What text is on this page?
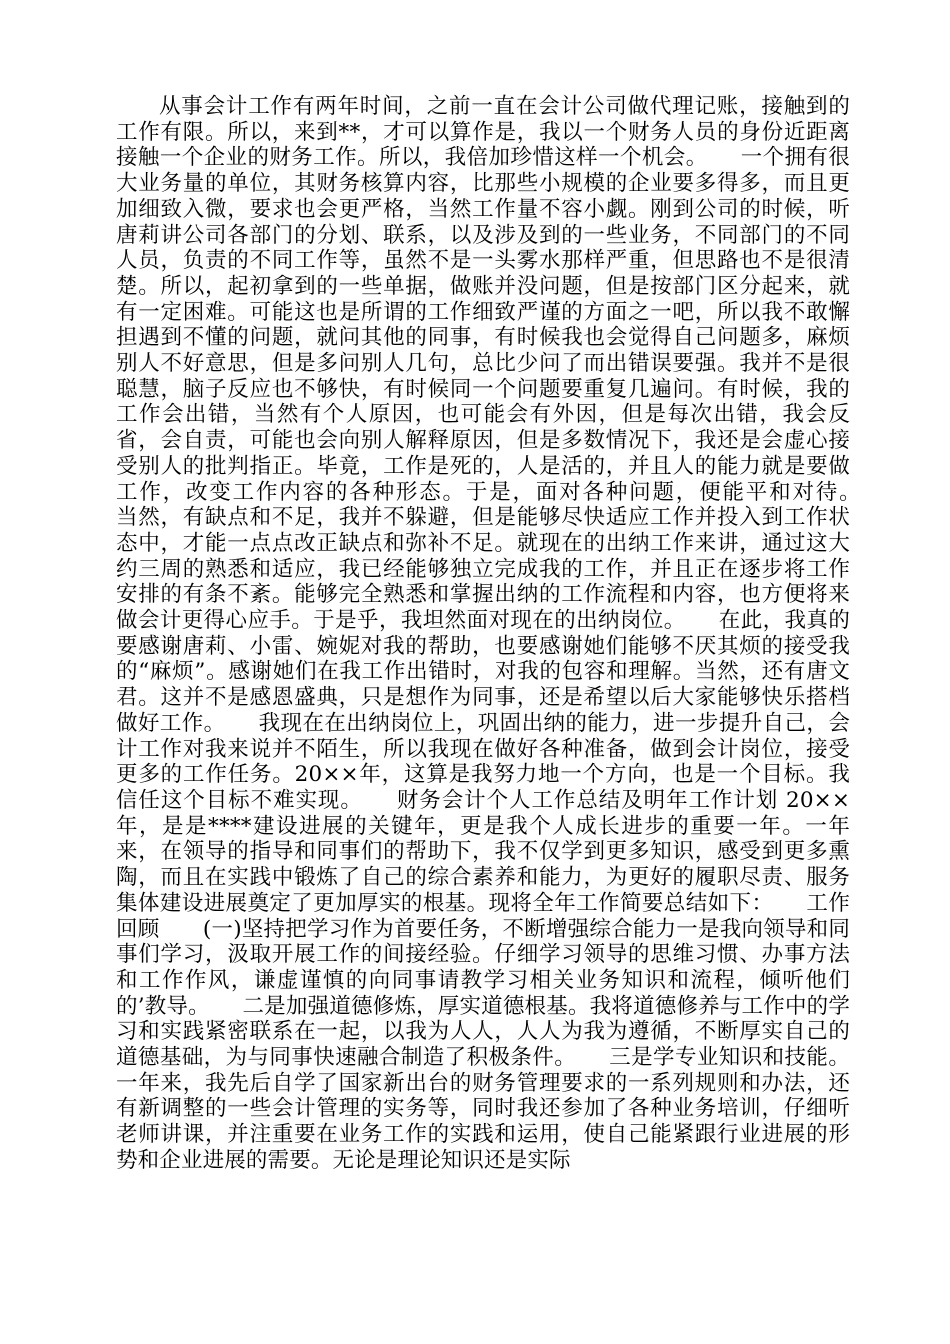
从事会计工作有两年时间，之前一直在会计公司做代理记账，接触到的工作有限。所以，来到**，才可以算作是，我以一个财务人员的身份近距离接触一个企业的财务工作。所以，我倍加珍惜这样一个机会。　　一个拥有很大业务量的单位，其财务核算内容，比那些小规模的企业要多得多，而且更加细致入微，要求也会更严格，当然工作量不容小觑。刚到公司的时候，听唐莉讲公司各部门的分划、联系，以及涉及到的一些业务，不同部门的不同人员，负责的不同工作等，虽然不是一头雾水那样严重，但思路也不是很清楚。所以，起初拿到的一些单据，做账并没问题，但是按部门区分起来，就有一定困难。可能这也是所谓的工作细致严谨的方面之一吧，所以我不敢懈担遇到不懂的问题，就问其他的同事，有时候我也会觉得自己问题多，麻烦别人不好意思，但是多问别人几句，总比少问了而出错误要强。我并不是很聪慧，脑子反应也不够快，有时候同一个问题要重复几遍问。有时候，我的工作会出错，当然有个人原因，也可能会有外因，但是每次出错，我会反省，会自责，可能也会向别人解释原因，但是多数情况下，我还是会虚心接受别人的批判指正。毕竟，工作是死的，人是活的，并且人的能力就是要做工作，改变工作内容的各种形态。于是，面对各种问题，便能平和对待。　　当然，有缺点和不足，我并不躲避，但是能够尽快适应工作并投入到工作状态中，才能一点点改正缺点和弥补不足。就现在的出纳工作来讲，通过这大约三周的熟悉和适应，我已经能够独立完成我的工作，并且正在逐步将工作安排的有条不紊。能够完全熟悉和掌握出纳的工作流程和内容，也方便将来做会计更得心应手。于是乎，我坦然面对现在的出纳岗位。　　在此，我真的要感谢唐莉、小雷、婉妮对我的帮助，也要感谢她们能够不厌其烦的接受我的“麻烦”。感谢她们在我工作出错时，对我的包容和理解。当然，还有唐文君。这并不是感恩盛典，只是想作为同事，还是希望以后大家能够快乐搭档做好工作。　　我现在在出纳岗位上，巩固出纳的能力，进一步提升自己，会计工作对我来说并不陌生，所以我现在做好各种准备，做到会计岗位，接受更多的工作任务。20××年，这算是我努力地一个方向，也是一个目标。我信任这个目标不难实现。　　财务会计个人工作总结及明年工作计划 20××年，是是****建设进展的关键年，更是我个人成长进步的重要一年。一年来，在领导的指导和同事们的帮助下，我不仅学到更多知识，感受到更多熏陶，而且在实践中锻炼了自己的综合素养和能力，为更好的履职尽责、服务集体建设进展奠定了更加厚实的根基。现将全年工作简要总结如下：　　工作回顾　　(一)坚持把学习作为首要任务，不断增强综合能力一是我向领导和同事们学习，汲取开展工作的间接经验。仔细学习领导的思维习惯、办事方法和工作作风，谦虚谨慎的向同事请教学习相关业务知识和流程，倾听他们的’教导。　　二是加强道德修炼，厚实道德根基。我将道德修养与工作中的学习和实践紧密联系在一起，以我为人人，人人为我为遵循，不断厚实自己的道德基础，为与同事快速融合制造了积极条件。　　三是学专业知识和技能。一年来，我先后自学了国家新出台的财务管理要求的一系列规则和办法，还有新调整的一些会计管理的实务等，同时我还参加了各种业务培训，仔细听老师讲课，并注重要在业务工作的实践和运用，使自己能紧跟行业进展的形势和企业进展的需要。无论是理论知识还是实际
